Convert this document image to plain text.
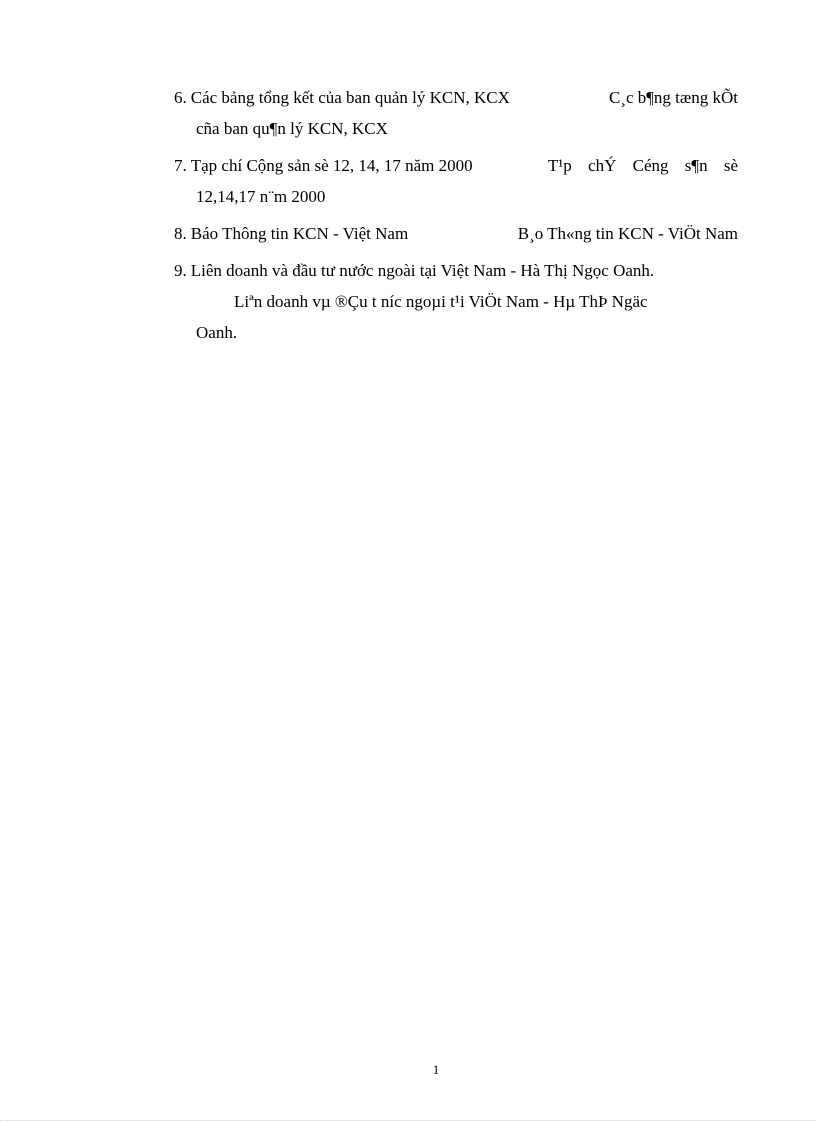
6. Các bảng tổng kết của ban quản lý KCN, KCX	C¸c b¶ng tæng kÕt
cña ban qu¶n lý KCN, KCX
7. Tạp chí Cộng sản sè 12, 14, 17 năm 2000	T¹p chÝ Céng s¶n sè
12,14,17 n¨m 2000
8. Báo Thông tin KCN - Việt Nam	B¸o Th«ng tin KCN - ViÖt Nam
9. Liên doanh và đầu tư nước ngoài tại Việt Nam - Hà Thị Ngọc Oanh.
Liªn doanh vµ ®Çu t níc ngoµi t¹i ViÖt Nam - Hµ ThÞ Ngäc
Oanh.
1
